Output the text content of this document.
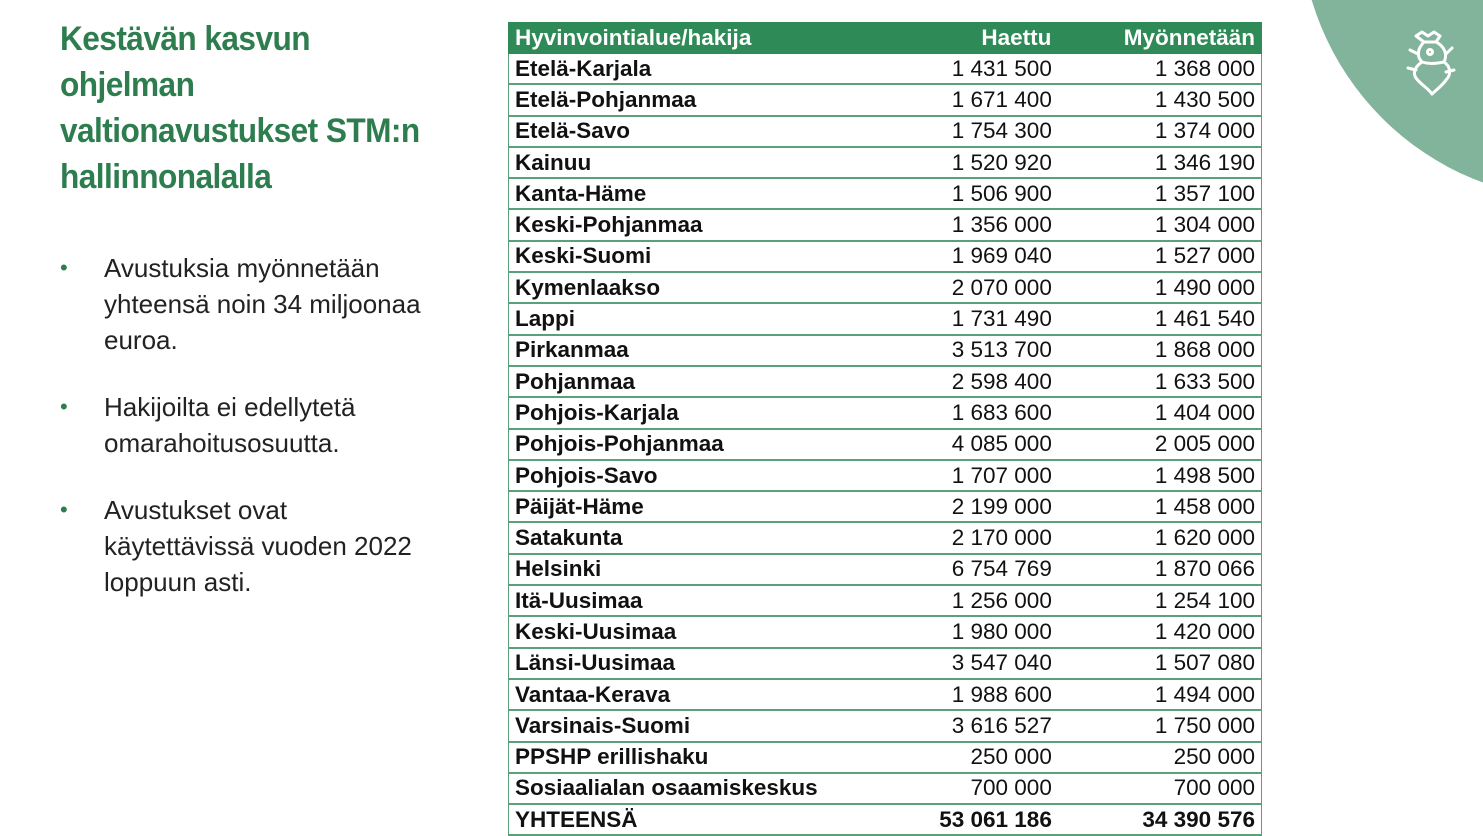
Kestävän kasvun ohjelman valtionavustukset STM:n hallinnonalalla
• Avustuksia myönnetään yhteensä noin 34 miljoonaa euroa.
• Hakijoilta ei edellytetä omarahoitusosuutta.
• Avustukset ovat käytettävissä vuoden 2022 loppuun asti.
Hyvinvointialue/hakija	Haettu	Myönnetään
Etelä-Karjala	1 431 500	1 368 000
Etelä-Pohjanmaa	1 671 400	1 430 500
Etelä-Savo	1 754 300	1 374 000
Kainuu	1 520 920	1 346 190
Kanta-Häme	1 506 900	1 357 100
Keski-Pohjanmaa	1 356 000	1 304 000
Keski-Suomi	1 969 040	1 527 000
Kymenlaakso	2 070 000	1 490 000
Lappi	1 731 490	1 461 540
Pirkanmaa	3 513 700	1 868 000
Pohjanmaa	2 598 400	1 633 500
Pohjois-Karjala	1 683 600	1 404 000
Pohjois-Pohjanmaa	4 085 000	2 005 000
Pohjois-Savo	1 707 000	1 498 500
Päijät-Häme	2 199 000	1 458 000
Satakunta	2 170 000	1 620 000
Helsinki	6 754 769	1 870 066
Itä-Uusimaa	1 256 000	1 254 100
Keski-Uusimaa	1 980 000	1 420 000
Länsi-Uusimaa	3 547 040	1 507 080
Vantaa-Kerava	1 988 600	1 494 000
Varsinais-Suomi	3 616 527	1 750 000
PPSHP erillishaku	250 000	250 000
Sosiaalialan osaamiskeskus	700 000	700 000
YHTEENSÄ	53 061 186	34 390 576
